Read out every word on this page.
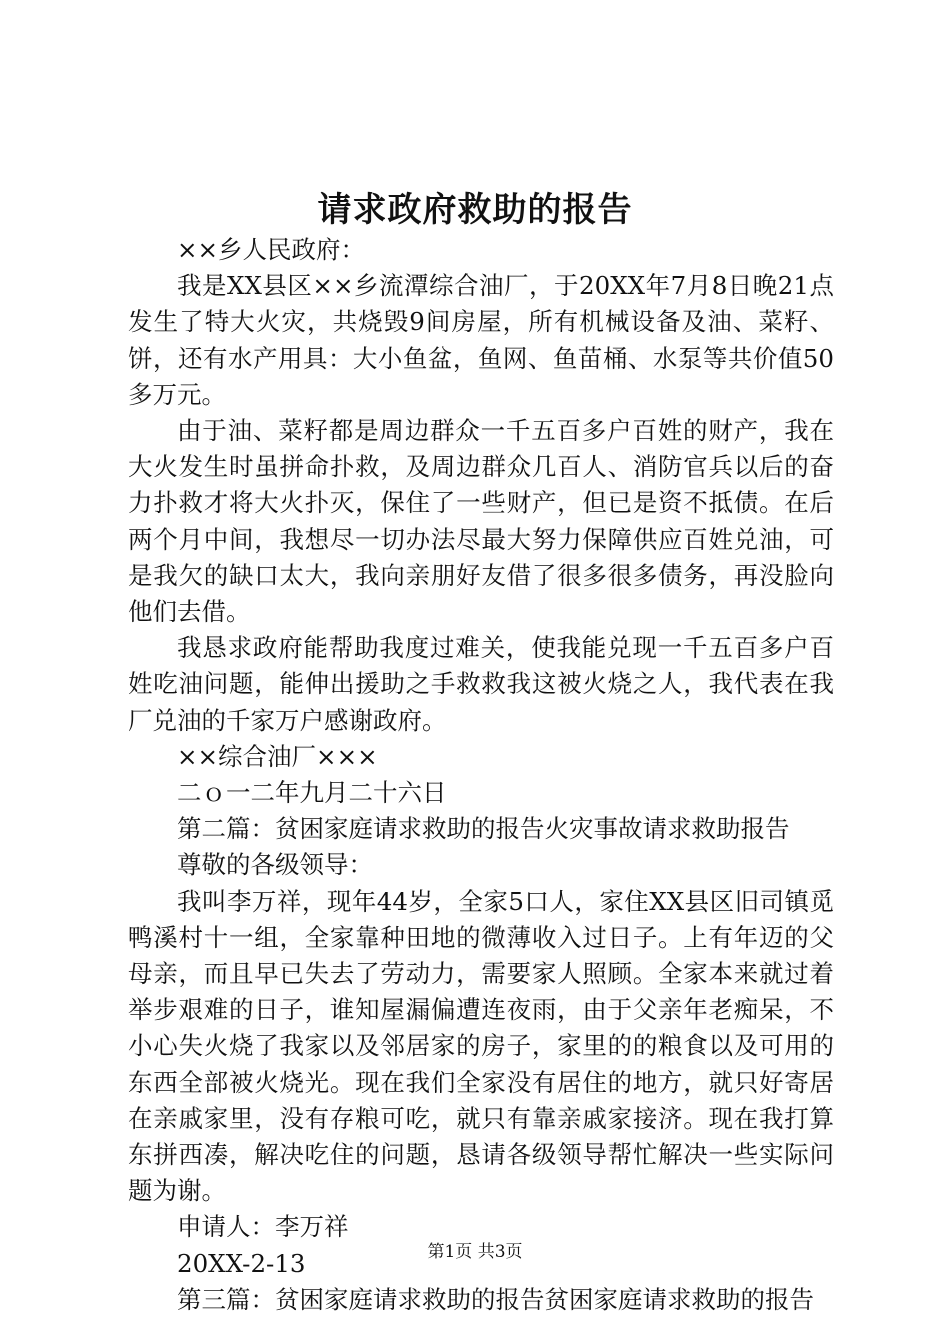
请求政府救助的报告

××乡人民政府：

我是XX县区××乡流潭综合油厂，于20XX年7月8日晚21点发生了特大火灾，共烧毁9间房屋，所有机械设备及油、菜籽、饼，还有水产用具：大小鱼盆，鱼网、鱼苗桶、水泵等共价值50多万元。

由于油、菜籽都是周边群众一千五百多户百姓的财产，我在大火发生时虽拼命扑救，及周边群众几百人、消防官兵以后的奋力扑救才将大火扑灭，保住了一些财产，但已是资不抵债。在后两个月中间，我想尽一切办法尽最大努力保障供应百姓兑油，可是我欠的缺口太大，我向亲朋好友借了很多很多债务，再没脸向他们去借。

我恳求政府能帮助我度过难关，使我能兑现一千五百多户百姓吃油问题，能伸出援助之手救救我这被火烧之人，我代表在我厂兑油的千家万户感谢政府。

××综合油厂×××

二ｏ一二年九月二十六日

第二篇：贫困家庭请求救助的报告火灾事故请求救助报告

尊敬的各级领导：

我叫李万祥，现年44岁，全家5口人，家住XX县区旧司镇觅鸭溪村十一组，全家靠种田地的微薄收入过日子。上有年迈的父母亲，而且早已失去了劳动力，需要家人照顾。全家本来就过着举步艰难的日子，谁知屋漏偏遭连夜雨，由于父亲年老痴呆，不小心失火烧了我家以及邻居家的房子，家里的的粮食以及可用的东西全部被火烧光。现在我们全家没有居住的地方，就只好寄居在亲戚家里，没有存粮可吃，就只有靠亲戚家接济。现在我打算东拼西凑，解决吃住的问题，恳请各级领导帮忙解决一些实际问题为谢。

申请人：李万祥

20XX-2-13

第三篇：贫困家庭请求救助的报告贫困家庭请求救助的报告

第1页 共3页
